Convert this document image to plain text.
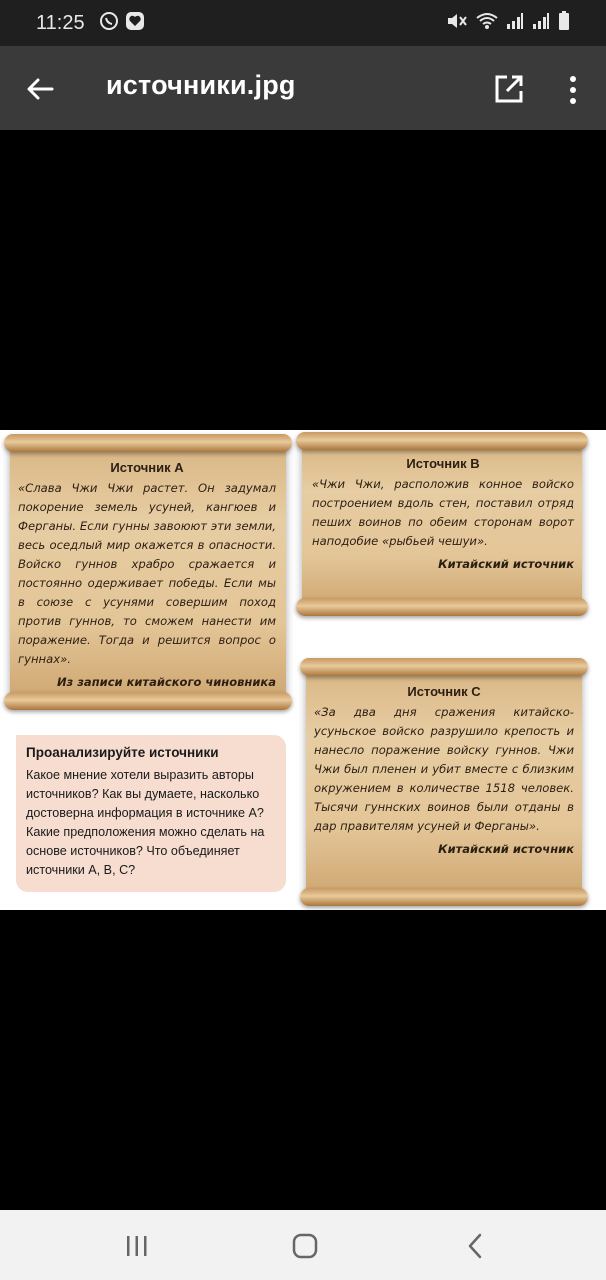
11:25
источники.jpg
Источник А
«Слава Чжи Чжи растет. Он задумал покорение земель усуней, кангюев и Ферганы. Если гунны завоюют эти земли, весь оседлый мир окажется в опасности. Войско гуннов храбро сражается и постоянно одерживает победы. Если мы в союзе с усунями совершим поход против гуннов, то сможем нанести им поражение. Тогда и решится вопрос о гуннах».
Из записи китайского чиновника
Источник B
«Чжи Чжи, расположив конное войско построением вдоль стен, поставил отряд пеших воинов по обеим сторонам ворот наподобие «рыбьей чешуи».
Китайский источник
Проанализируйте источники
Какое мнение хотели выразить авторы источников? Как вы думаете, насколько достоверна информация в источнике А? Какие предположения можно сделать на основе источников? Что объединяет источники А, B, C?
Источник С
«За два дня сражения китайско-усуньское войско разрушило крепость и нанесло поражение войску гуннов. Чжи Чжи был пленен и убит вместе с близким окружением в количестве 1518 человек. Тысячи гуннских воинов были отданы в дар правителям усуней и Ферганы».
Китайский источник
